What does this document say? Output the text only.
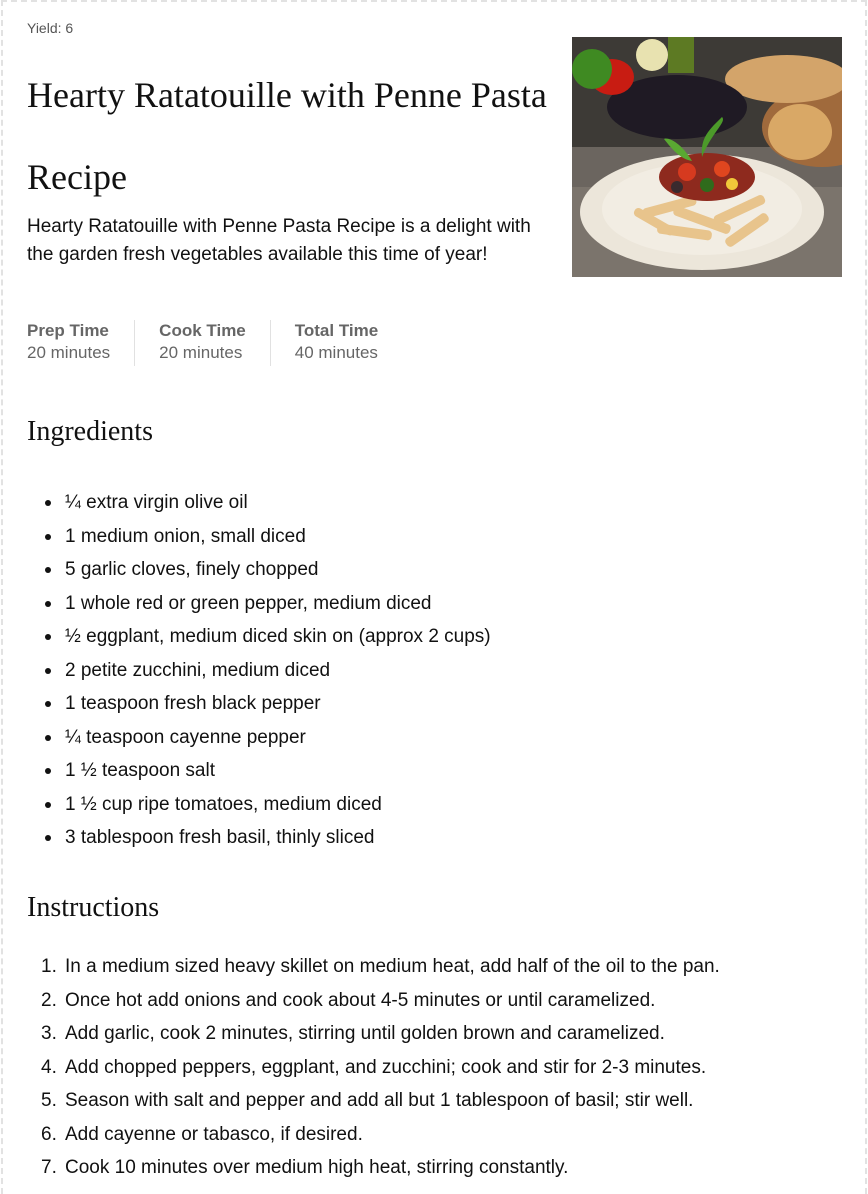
Yield: 6
Hearty Ratatouille with Penne Pasta Recipe

Hearty Ratatouille with Penne Pasta Recipe is a delight with the garden fresh vegetables available this time of year!

Prep Time
20 minutes
Cook Time
20 minutes
Total Time
40 minutes
Ingredients
¼ extra virgin olive oil
1 medium onion, small diced
5 garlic cloves, finely chopped
1 whole red or green pepper, medium diced
½ eggplant, medium diced skin on (approx 2 cups)
2 petite zucchini, medium diced
1 teaspoon fresh black pepper
¼ teaspoon cayenne pepper
1 ½ teaspoon salt
1 ½ cup ripe tomatoes, medium diced
3 tablespoon fresh basil, thinly sliced
Instructions
1. In a medium sized heavy skillet on medium heat, add half of the oil to the pan.
2. Once hot add onions and cook about 4-5 minutes or until caramelized.
3. Add garlic, cook 2 minutes, stirring until golden brown and caramelized.
4. Add chopped peppers, eggplant, and zucchini; cook and stir for 2-3 minutes.
5. Season with salt and pepper and add all but 1 tablespoon of basil; stir well.
6. Add cayenne or tabasco, if desired.
7. Cook 10 minutes over medium high heat, stirring constantly.
